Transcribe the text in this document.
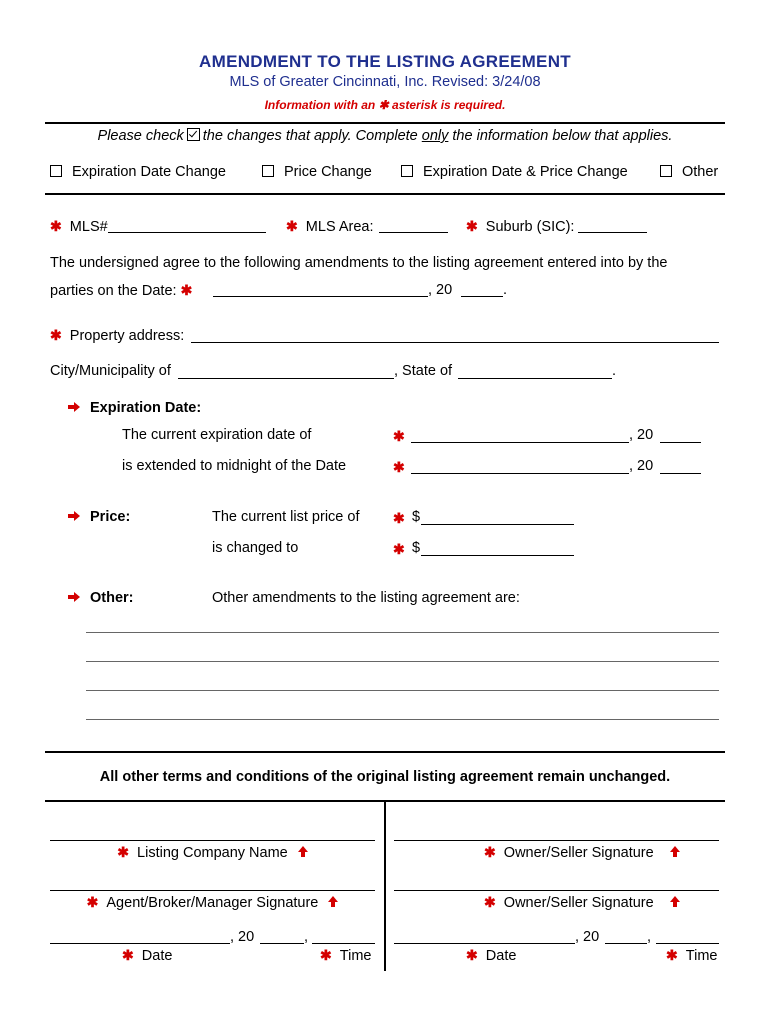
AMENDMENT TO THE LISTING AGREEMENT
MLS of Greater Cincinnati, Inc. Revised: 3/24/08
Information with an ✱ asterisk is required.
Please check the changes that apply. Complete only the information below that applies.
Expiration Date Change	Price Change	Expiration Date & Price Change	Other
✱ MLS#	✱ MLS Area:	✱ Suburb (SIC):
The undersigned agree to the following amendments to the listing agreement entered into by the
parties on the Date: ✱	, 20	.
✱ Property address:
City/Municipality of	, State of	.
Expiration Date:
The current expiration date of	✱	, 20
is extended to midnight of the Date	✱	, 20
Price:	The current list price of ✱ $
is changed to	✱ $
Other:	Other amendments to the listing agreement are:
All other terms and conditions of the original listing agreement remain unchanged.
✱ Listing Company Name
✱ Agent/Broker/Manager Signature
, 20	,
✱ Date	✱ Time
✱ Owner/Seller Signature
✱ Owner/Seller Signature
, 20	,
✱ Date	✱ Time
